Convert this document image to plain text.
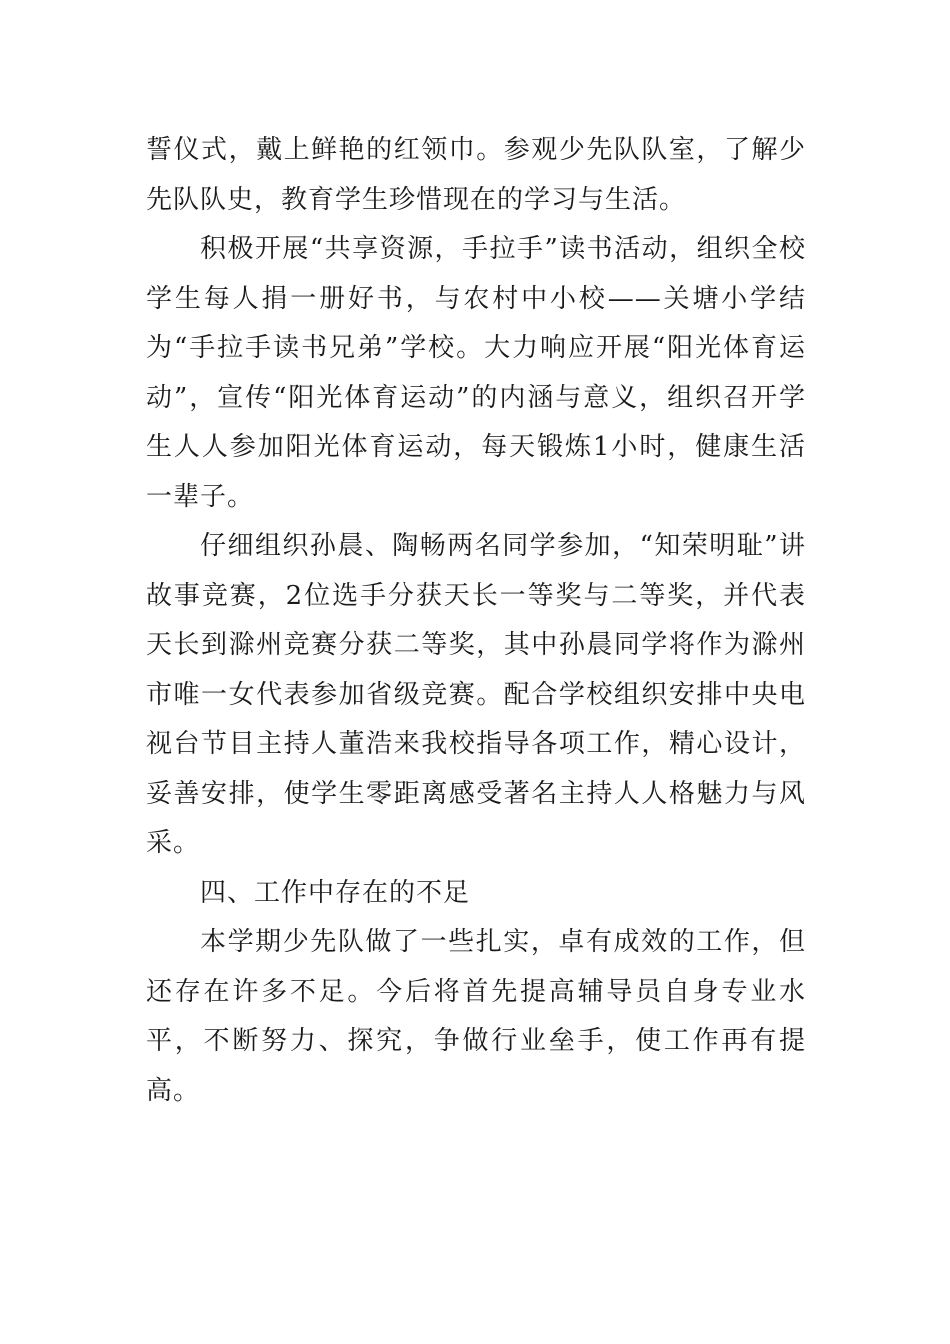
誓仪式，戴上鲜艳的红领巾。参观少先队队室，了解少先队队史，教育学生珍惜现在的学习与生活。

积极开展“共享资源，手拉手”读书活动，组织全校学生每人捐一册好书，与农村中小校——关塘小学结为“手拉手读书兄弟”学校。大力响应开展“阳光体育运动”，宣传“阳光体育运动”的内涵与意义，组织召开学生人人参加阳光体育运动，每天锻炼1小时，健康生活一辈子。

仔细组织孙晨、陶畅两名同学参加，“知荣明耻”讲故事竞赛，2位选手分获天长一等奖与二等奖，并代表天长到滁州竞赛分获二等奖，其中孙晨同学将作为滁州市唯一女代表参加省级竞赛。配合学校组织安排中央电视台节目主持人董浩来我校指导各项工作，精心设计，妥善安排，使学生零距离感受著名主持人人格魅力与风采。

四、工作中存在的不足

本学期少先队做了一些扎实，卓有成效的工作，但还存在许多不足。今后将首先提高辅导员自身专业水平，不断努力、探究，争做行业垒手，使工作再有提高。
